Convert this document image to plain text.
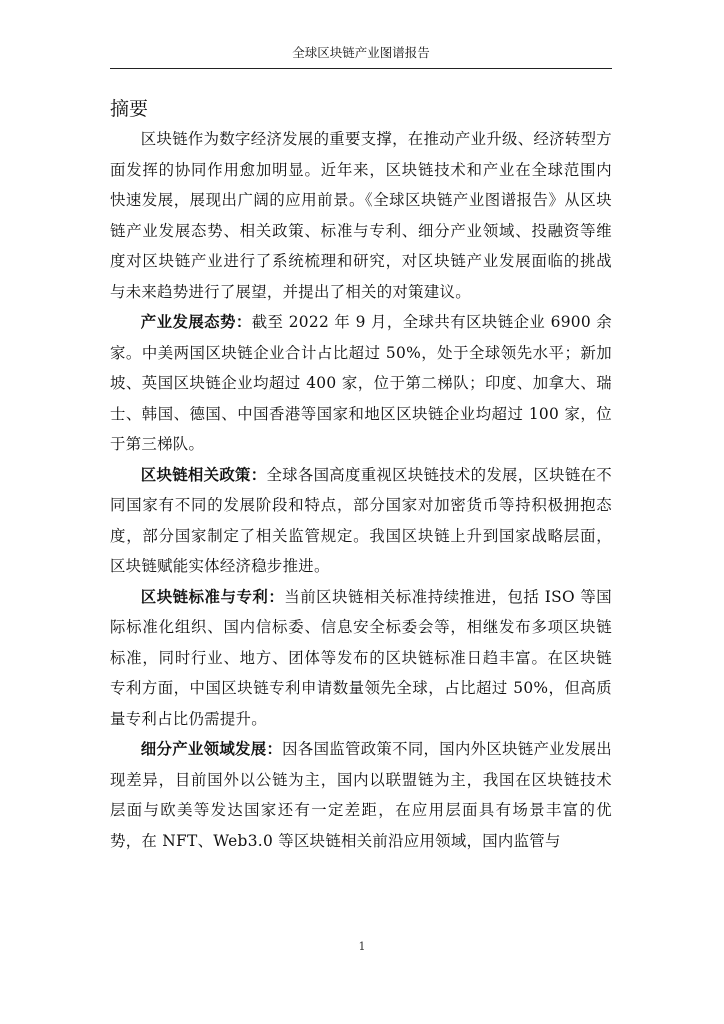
全球区块链产业图谱报告
摘要

区块链作为数字经济发展的重要支撑，在推动产业升级、经济转型方面发挥的协同作用愈加明显。近年来，区块链技术和产业在全球范围内快速发展，展现出广阔的应用前景。《全球区块链产业图谱报告》从区块链产业发展态势、相关政策、标准与专利、细分产业领域、投融资等维度对区块链产业进行了系统梳理和研究，对区块链产业发展面临的挑战与未来趋势进行了展望，并提出了相关的对策建议。

产业发展态势：截至 2022 年 9 月，全球共有区块链企业 6900 余家。中美两国区块链企业合计占比超过 50%，处于全球领先水平；新加坡、英国区块链企业均超过 400 家，位于第二梯队；印度、加拿大、瑞士、韩国、德国、中国香港等国家和地区区块链企业均超过 100 家，位于第三梯队。

区块链相关政策：全球各国高度重视区块链技术的发展，区块链在不同国家有不同的发展阶段和特点，部分国家对加密货币等持积极拥抱态度，部分国家制定了相关监管规定。我国区块链上升到国家战略层面，区块链赋能实体经济稳步推进。

区块链标准与专利：当前区块链相关标准持续推进，包括 ISO 等国际标准化组织、国内信标委、信息安全标委会等，相继发布多项区块链标准，同时行业、地方、团体等发布的区块链标准日趋丰富。在区块链专利方面，中国区块链专利申请数量领先全球，占比超过 50%，但高质量专利占比仍需提升。

细分产业领域发展：因各国监管政策不同，国内外区块链产业发展出现差异，目前国外以公链为主，国内以联盟链为主，我国在区块链技术层面与欧美等发达国家还有一定差距，在应用层面具有场景丰富的优势，在 NFT、Web3.0 等区块链相关前沿应用领域，国内监管与

1
